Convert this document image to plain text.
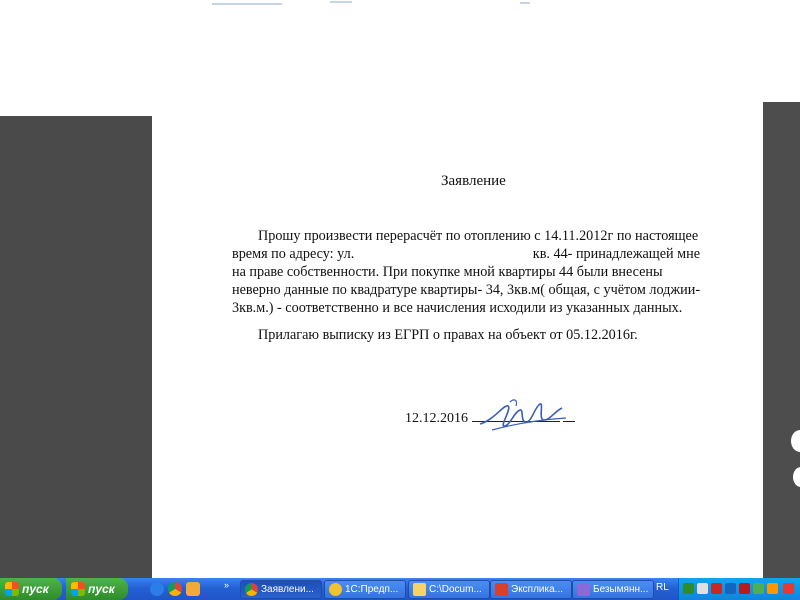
Заявление
Прошу произвести перерасчёт по отоплению с 14.11.2012г по настоящее
время по адресу: ул.	кв. 44- принадлежащей мне
на праве собственности. При покупке мной квартиры 44 были внесены
неверно данные по квадратуре квартиры- 34, 3кв.м( общая, с учётом лоджии-
3кв.м.) - соответственно и все начисления исходили из указанных данных.
Прилагаю выписку из ЕГРП о правах на объект от 05.12.2016г.
12.12.2016
пуск	пуск	»	Заявлени...	1С:Предп...	C:\Docum...	Эксплика...	Безымянн... RL
